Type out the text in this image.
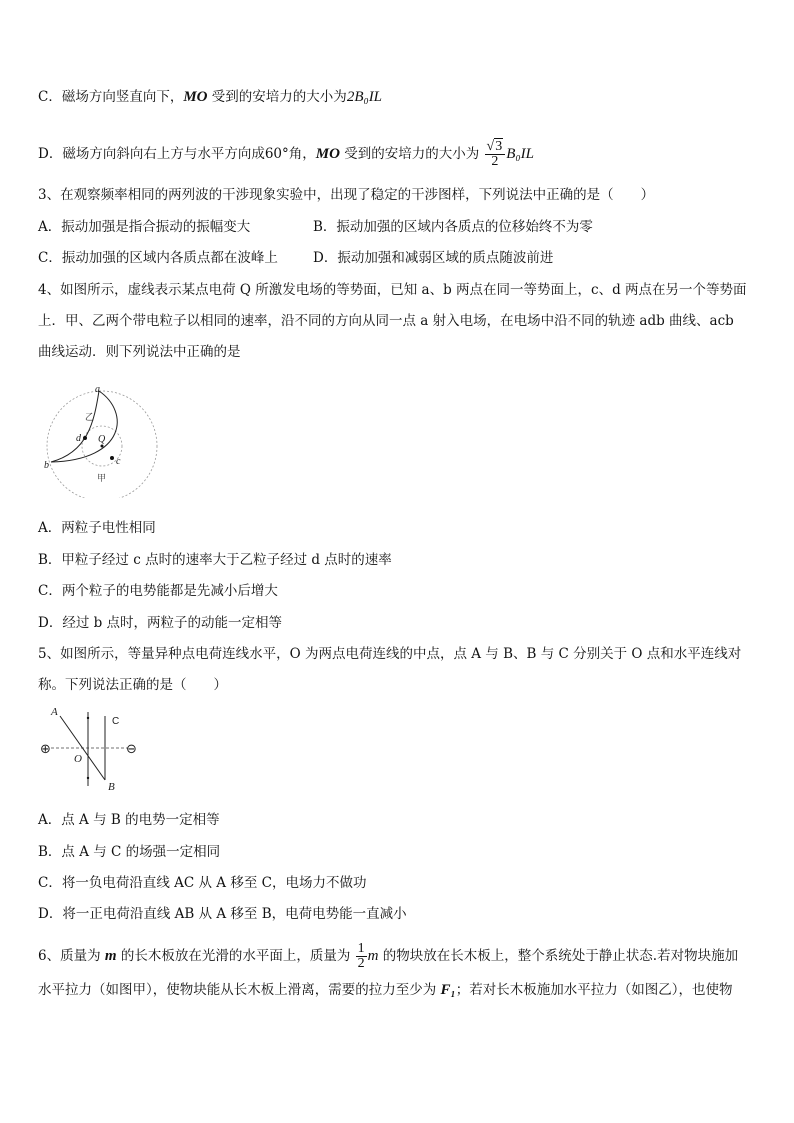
C．磁场方向竖直向下，MO 受到的安培力的大小为2B₀IL
D．磁场方向斜向右上方与水平方向成60°角，MO 受到的安培力的大小为 $\frac{√3}{2} B_0IL$
3、在观察频率相同的两列波的干涉现象实验中，出现了稳定的干涉图样，下列说法中正确的是（　　）
A．振动加强是指合振动的振幅变大	B．振动加强的区域内各质点的位移始终不为零
C．振动加强的区域内各质点都在波峰上	D．振动加强和减弱区域的质点随波前进
4、如图所示，虚线表示某点电荷 Q 所激发电场的等势面，已知 a、b 两点在同一等势面上，c、d 两点在另一个等势面
上．甲、乙两个带电粒子以相同的速率，沿不同的方向从同一点 a 射入电场，在电场中沿不同的轨迹 adb 曲线、acb
曲线运动．则下列说法中正确的是
a
b	c
d Q
乙
甲
A．两粒子电性相同
B．甲粒子经过 c 点时的速率大于乙粒子经过 d 点时的速率
C．两个粒子的电势能都是先减小后增大
D．经过 b 点时，两粒子的动能一定相等
5、如图所示，等量异种点电荷连线水平，O 为两点电荷连线的中点，点 A 与 B、B 与 C 分别关于 O 点和水平连线对
称。下列说法正确的是（　　）
A
B
O
C
⊕	⊖
A．点 A 与 B 的电势一定相等
B．点 A 与 C 的场强一定相同
C．将一负电荷沿直线 AC 从 A 移至 C，电场力不做功
D．将一正电荷沿直线 AB 从 A 移至 B，电荷电势能一直减小
6、质量为 m 的长木板放在光滑的水平面上，质量为 $\frac{1}{2}$ m 的物块放在长木板上，整个系统处于静止状态.若对物块施加
水平拉力（如图甲），使物块能从长木板上滑离，需要的拉力至少为 F₁；若对长木板施加水平拉力（如图乙），也使物
